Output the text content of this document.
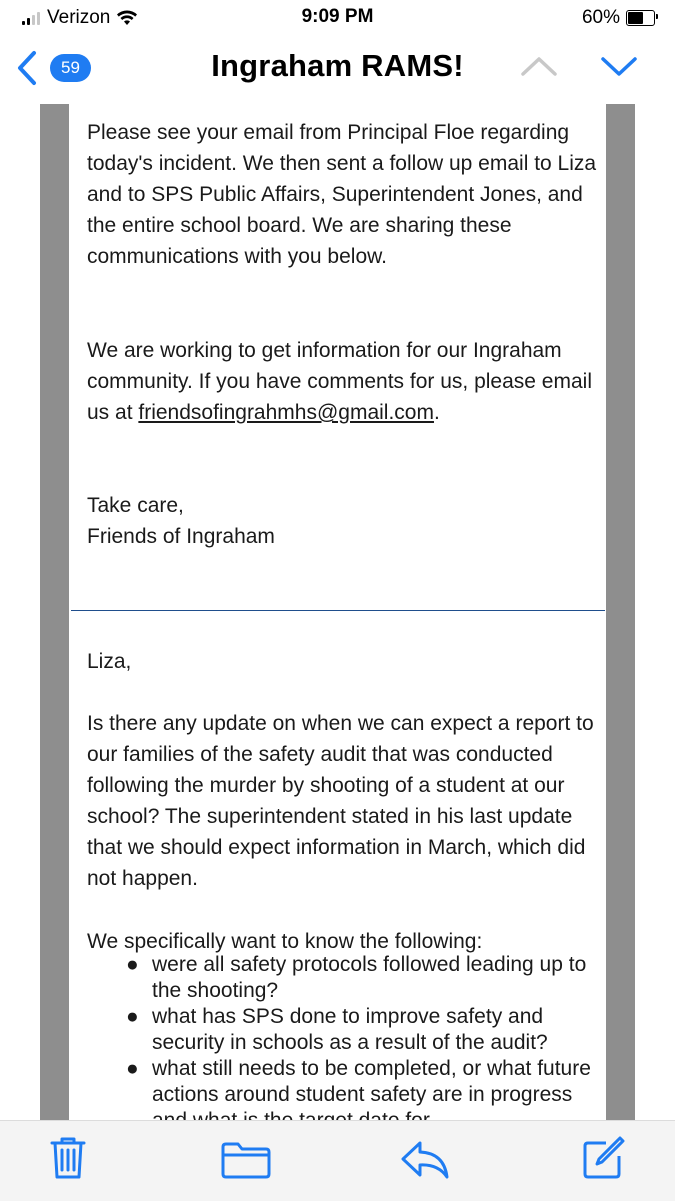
Verizon	9:09 PM	60%
59	Ingraham RAMS!
Please see your email from Principal Floe regarding today's incident. We then sent a follow up email to Liza and to SPS Public Affairs, Superintendent Jones, and the entire school board. We are sharing these communications with you below.
We are working to get information for our Ingraham community. If you have comments for us, please email us at friendsofingrahmhs@gmail.com.
Take care,
Friends of Ingraham
Liza,
Is there any update on when we can expect a report to our families of the safety audit that was conducted following the murder by shooting of a student at our school? The superintendent stated in his last update that we should expect information in March, which did not happen.
We specifically want to know the following:
● were all safety protocols followed leading up to the shooting?
● what has SPS done to improve safety and security in schools as a result of the audit?
● what still needs to be completed, or what future actions around student safety are in progress
